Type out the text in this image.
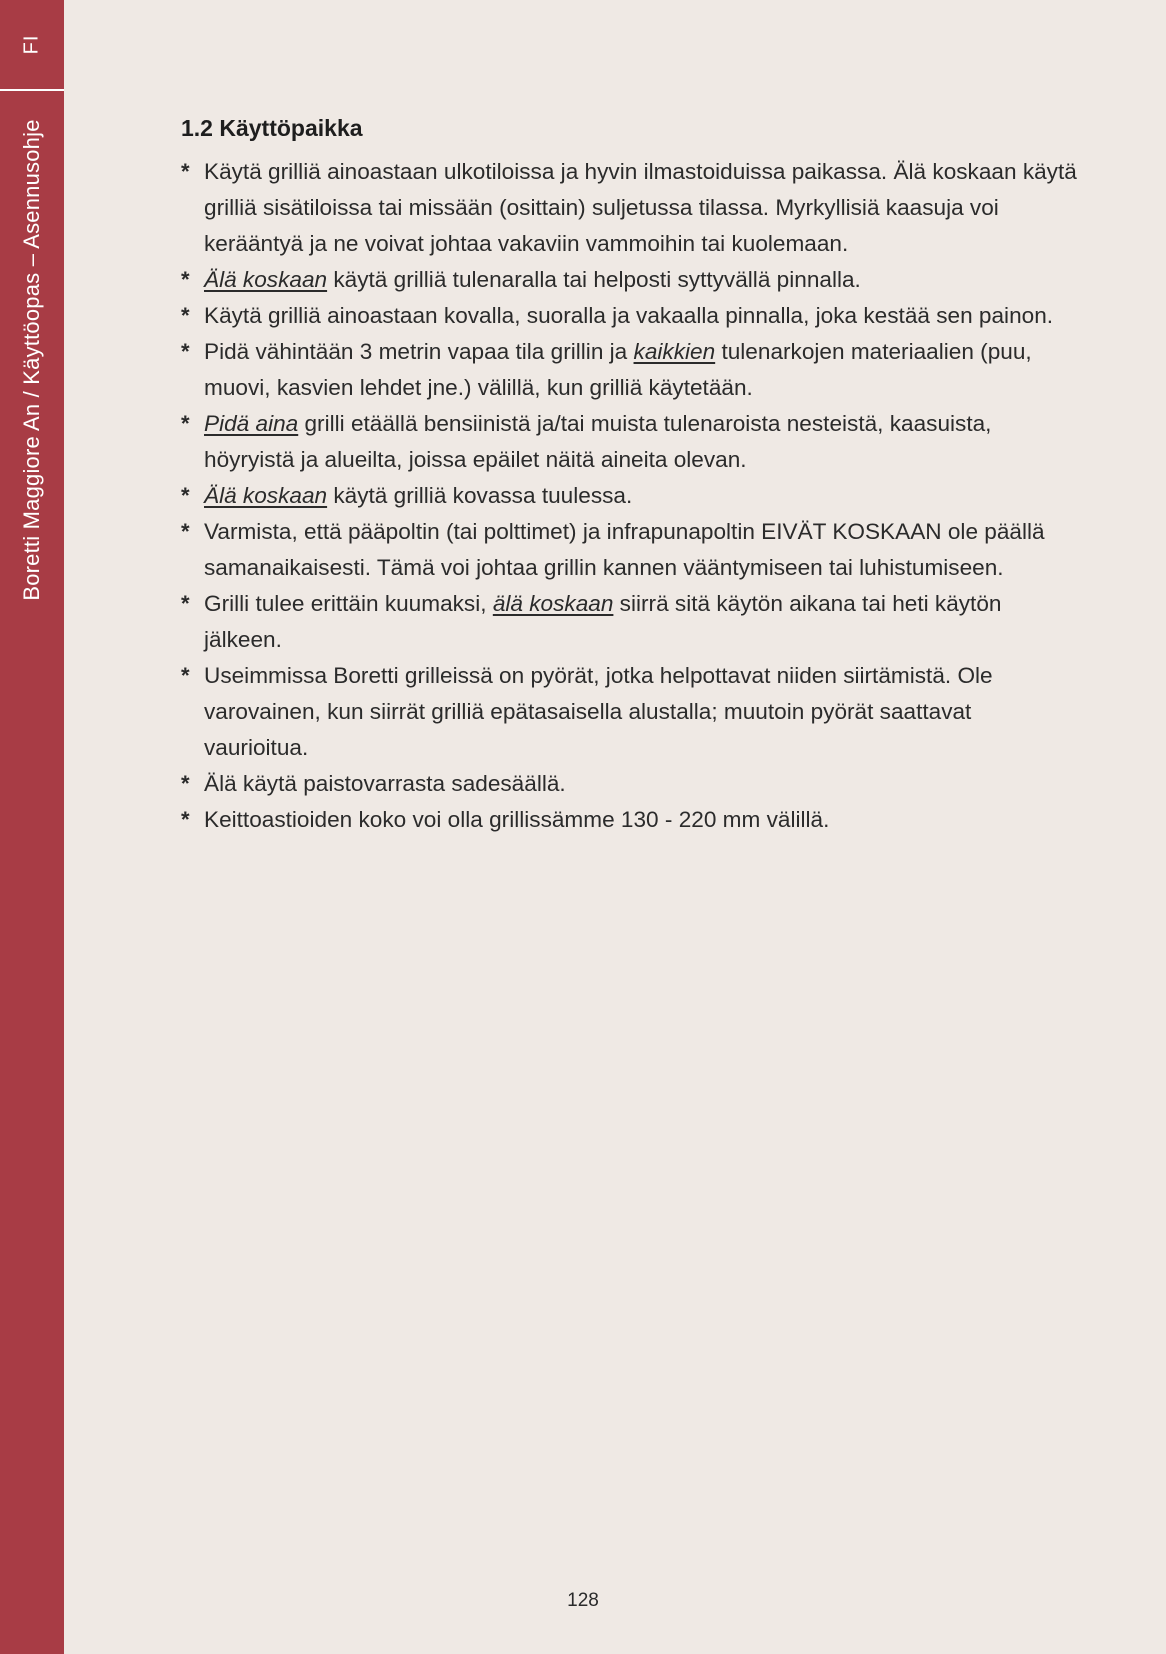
FI
Boretti Maggiore An / Käyttöopas – Asennusohje	1.2 Käyttöpaikka
* Käytä grilliä ainoastaan ulkotiloissa ja hyvin ilmastoiduissa paikassa. Älä koskaan käytä grilliä sisätiloissa tai missään (osittain) suljetussa tilassa. Myrkyllisiä kaasuja voi kerääntyä ja ne voivat johtaa vakaviin vammoihin tai kuolemaan.
* Älä koskaan käytä grilliä tulenaralla tai helposti syttyvällä pinnalla.
* Käytä grilliä ainoastaan kovalla, suoralla ja vakaalla pinnalla, joka kestää sen painon.
* Pidä vähintään 3 metrin vapaa tila grillin ja kaikkien tulenarkojen materiaalien (puu, muovi, kasvien lehdet jne.) välillä, kun grilliä käytetään.
* Pidä aina grilli etäällä bensiinistä ja/tai muista tulenaroista nesteistä, kaasuista, höyryistä ja alueilta, joissa epäilet näitä aineita olevan.
* Älä koskaan käytä grilliä kovassa tuulessa.
* Varmista, että pääpoltin (tai polttimet) ja infrapunapoltin EIVÄT KOSKAAN ole päällä samanaikaisesti. Tämä voi johtaa grillin kannen vääntymiseen tai luhistumiseen.
* Grilli tulee erittäin kuumaksi, älä koskaan siirrä sitä käytön aikana tai heti käytön jälkeen.
* Useimmissa Boretti grilleissä on pyörät, jotka helpottavat niiden siirtämistä. Ole varovainen, kun siirrät grilliä epätasaisella alustalla; muutoin pyörät saattavat vaurioitua.
* Älä käytä paistovarrasta sadesäällä.
* Keittoastioiden koko voi olla grillissämme 130 - 220 mm välillä.
128
